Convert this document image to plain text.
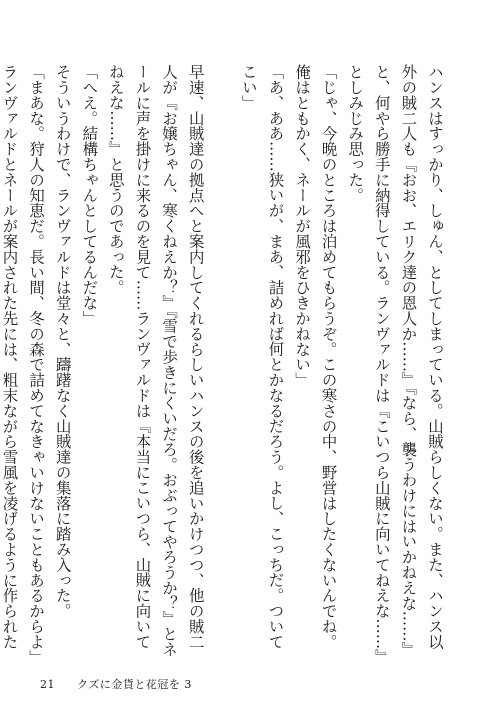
ハンスはすっかり、しゅん、としてしまっている。山賊らしくない。また、ハンス以外の賊二人も『おお、エリク達の恩人か……』『なら、襲うわけにはいかねえな……』と、何やら勝手に納得している。ランヴァルドは『こいつら山賊に向いてねえな……』としみじみ思った。

「じゃ、今晩のところは泊めてもらうぞ。この寒さの中、野営はしたくないんでね。俺はともかく、ネールが風邪をひきかねない」

「あ、ああ……狭いが、まあ、詰めれば何とかなるだろう。よし、こっちだ。ついてこい」

早速、山賊達の拠点へと案内してくれるらしいハンスの後を追いかけつつ、他の賊二人が『お嬢ちゃん、寒くねえか？』『雪で歩きにくいだろ。おぶってやろうか？』とネールに声を掛けに来るのを見て……ランヴァルドは『本当にこいつら、山賊に向いてねえな……』と思うのであった。

「へえ。結構ちゃんとしてるんだな」

そういうわけで、ランヴァルドは堂々と、躊躇なく山賊達の集落に踏み入った。

「まあな。狩人の知恵だ。長い間、冬の森で詰めてなきゃいけないこともあるからよ」

ランヴァルドとネールが案内された先には、粗末ながら雪風を凌げるように作られた

21 クズに金貨と花冠を 3
